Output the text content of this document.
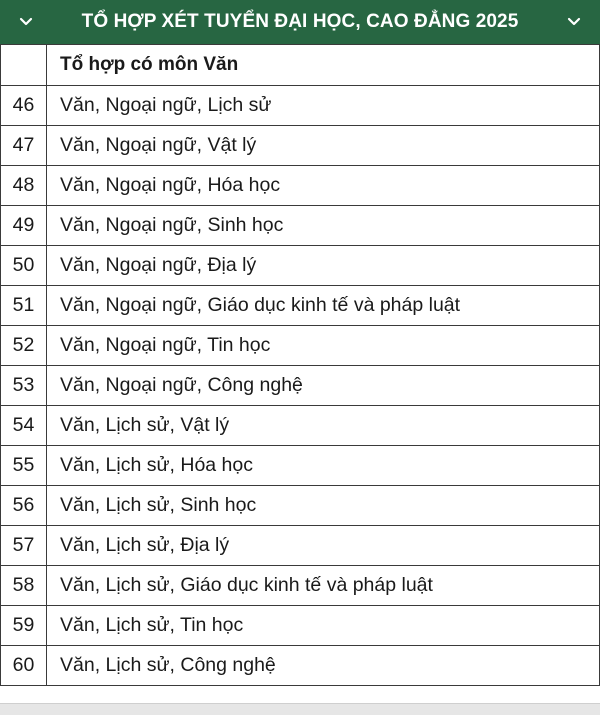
TỔ HỢP XÉT TUYỂN ĐẠI HỌC, CAO ĐẲNG 2025
	Tổ hợp có môn Văn
46	Văn, Ngoại ngữ, Lịch sử
47	Văn, Ngoại ngữ, Vật lý
48	Văn, Ngoại ngữ, Hóa học
49	Văn, Ngoại ngữ, Sinh học
50	Văn, Ngoại ngữ, Địa lý
51	Văn, Ngoại ngữ, Giáo dục kinh tế và pháp luật
52	Văn, Ngoại ngữ, Tin học
53	Văn, Ngoại ngữ, Công nghệ
54	Văn, Lịch sử, Vật lý
55	Văn, Lịch sử, Hóa học
56	Văn, Lịch sử, Sinh học
57	Văn, Lịch sử, Địa lý
58	Văn, Lịch sử, Giáo dục kinh tế và pháp luật
59	Văn, Lịch sử, Tin học
60	Văn, Lịch sử, Công nghệ
